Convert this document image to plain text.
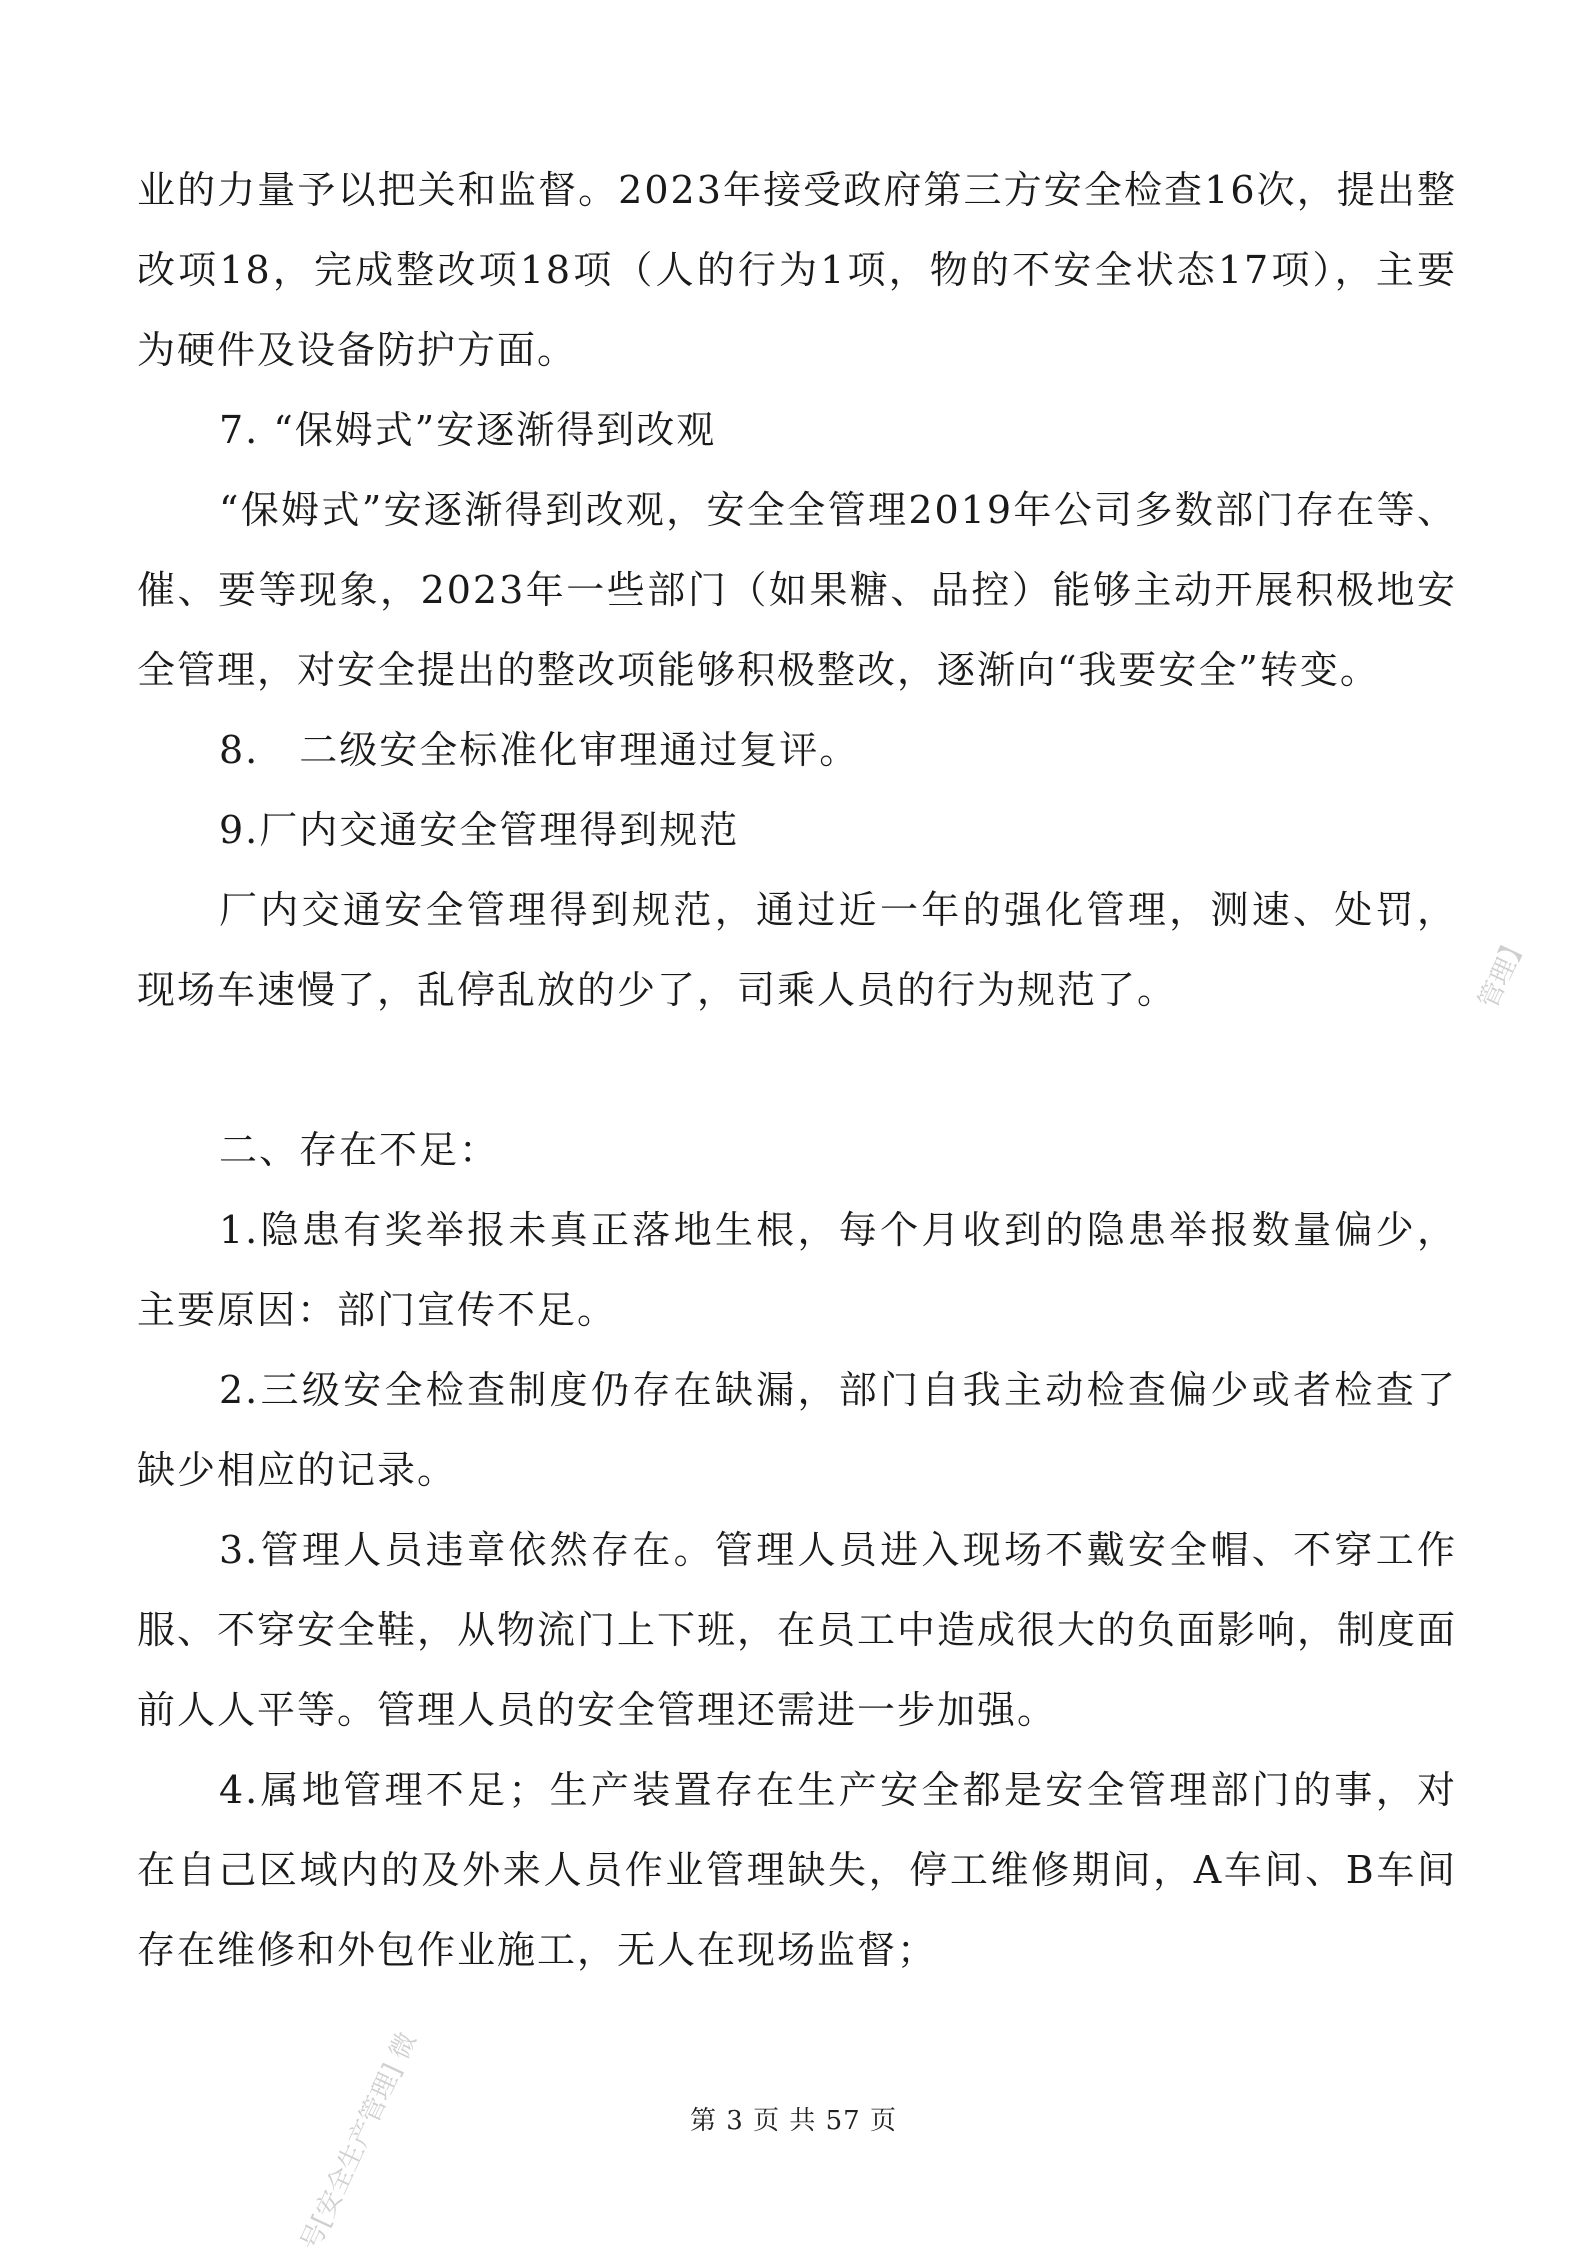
业的力量予以把关和监督。2023年接受政府第三方安全检查16次，提出整改项18，完成整改项18项（人的行为1项，物的不安全状态17项），主要为硬件及设备防护方面。

7. “保姆式”安逐渐得到改观

“保姆式”安逐渐得到改观，安全全管理2019年公司多数部门存在等、催、要等现象，2023年一些部门（如果糖、品控）能够主动开展积极地安全管理，对安全提出的整改项能够积极整改，逐渐向“我要安全”转变。

8.　二级安全标准化审理通过复评。

9.厂内交通安全管理得到规范

厂内交通安全管理得到规范，通过近一年的强化管理，测速、处罚，现场车速慢了，乱停乱放的少了，司乘人员的行为规范了。

二、存在不足：

1.隐患有奖举报未真正落地生根，每个月收到的隐患举报数量偏少，主要原因：部门宣传不足。

2.三级安全检查制度仍存在缺漏，部门自我主动检查偏少或者检查了缺少相应的记录。

3.管理人员违章依然存在。管理人员进入现场不戴安全帽、不穿工作服、不穿安全鞋，从物流门上下班，在员工中造成很大的负面影响，制度面前人人平等。管理人员的安全管理还需进一步加强。

4.属地管理不足；生产装置存在生产安全都是安全管理部门的事，对在自己区域内的及外来人员作业管理缺失，停工维修期间，A车间、B车间存在维修和外包作业施工，无人在现场监督；

第 3 页 共 57 页
管理】
号[安全生产管理] 微
